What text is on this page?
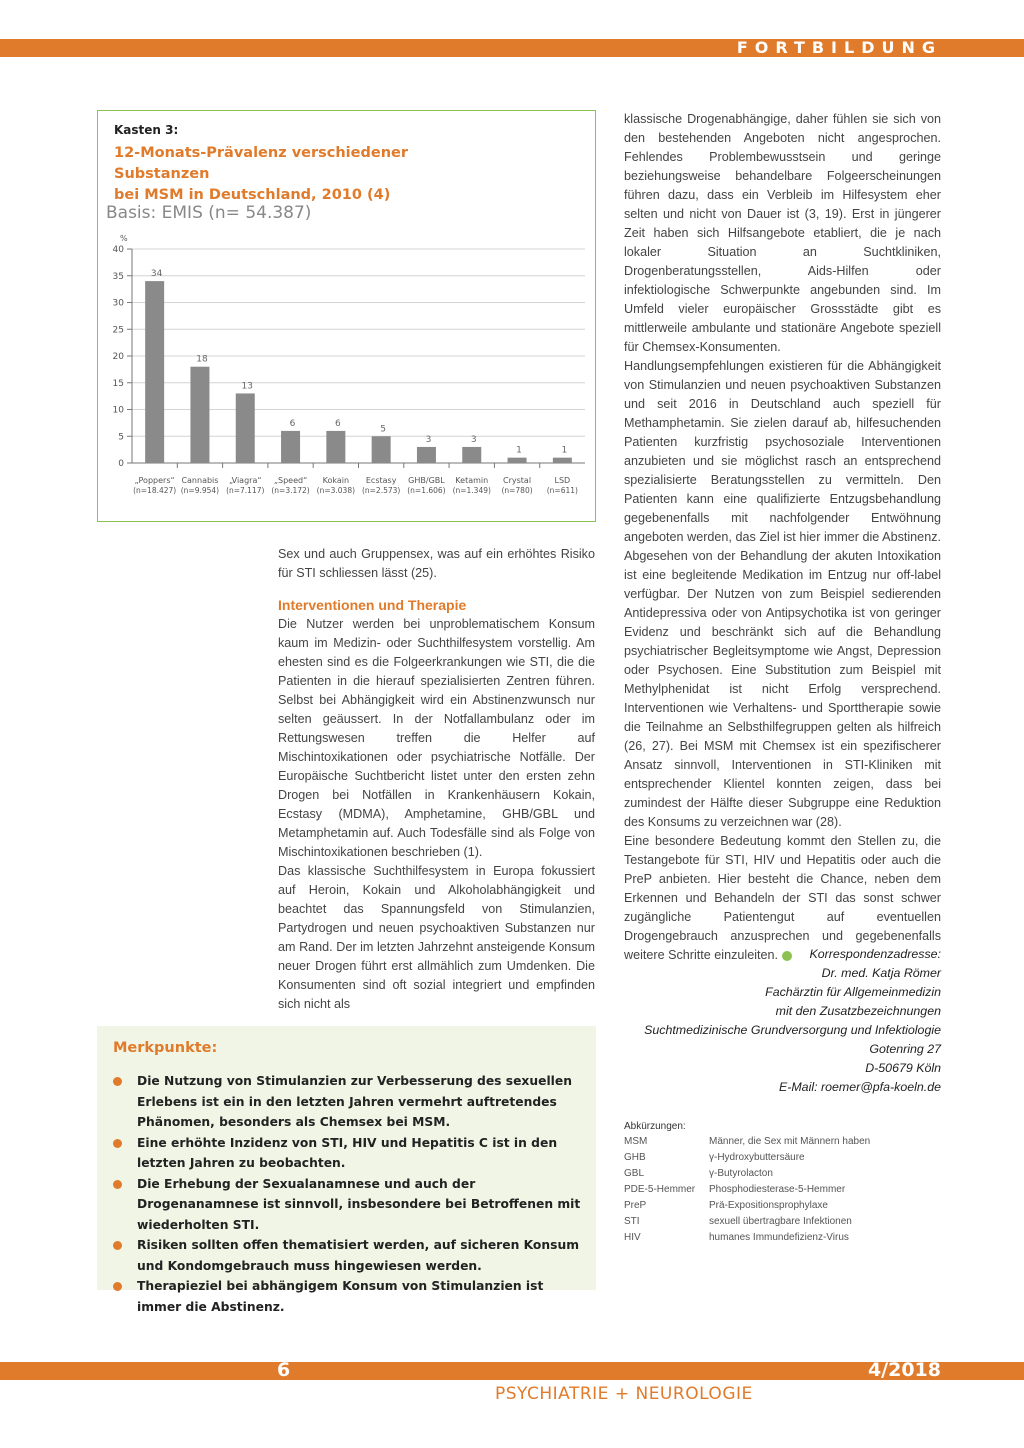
FORTBILDUNG
Kasten 3:
12-Monats-Prävalenz verschiedener Substanzen
bei MSM in Deutschland, 2010 (4)
Basis: EMIS (n= 54.387)
%
0
5
10
15
20
25
30
35
40
34
„Poppers“
(n=18.427)
18
Cannabis
(n=9.954)
13
„Viagra“
(n=7.117)
6
„Speed“
(n=3.172)
6
Kokain
(n=3.038)
5
Ecstasy
(n=2.573)
3
GHB/GBL
(n=1.606)
3
Ketamin
(n=1.349)
1
Crystal
(n=780)
1
LSD
(n=611)

Sex und auch Gruppensex, was auf ein erhöhtes Risiko für STI schliessen lässt (25).

Interventionen und Therapie

Die Nutzer werden bei unproblematischem Konsum kaum im Medizin- oder Suchthilfesystem vorstellig. Am ehesten sind es die Folgeerkrankungen wie STI, die die Patienten in die hierauf spezialisierten Zentren führen. Selbst bei Abhängigkeit wird ein Abstinenzwunsch nur selten geäussert. In der Notfallambulanz oder im Rettungswesen treffen die Helfer auf Mischintoxikationen oder psychiatrische Notfälle. Der Europäische Suchtbericht listet unter den ersten zehn Drogen bei Notfällen in Krankenhäusern Kokain, Ecstasy (MDMA), Amphetamine, GHB/GBL und Metamphetamin auf. Auch Todesfälle sind als Folge von Mischintoxikationen beschrieben (1).

Das klassische Suchthilfesystem in Europa fokussiert auf Heroin, Kokain und Alkoholabhängigkeit und beachtet das Spannungsfeld von Stimulanzien, Partydrogen und neuen psychoaktiven Substanzen nur am Rand. Der im letzten Jahrzehnt ansteigende Konsum neuer Drogen führt erst allmählich zum Umdenken. Die Konsumenten sind oft sozial integriert und empfinden sich nicht als

klassische Drogenabhängige, daher fühlen sie sich von den bestehenden Angeboten nicht angesprochen. Fehlendes Problembewusstsein und geringe beziehungsweise behandelbare Folgeerscheinungen führen dazu, dass ein Verbleib im Hilfesystem eher selten und nicht von Dauer ist (3, 19). Erst in jüngerer Zeit haben sich Hilfsangebote etabliert, die je nach lokaler Situation an Suchtkliniken, Drogenberatungsstellen, Aids-Hilfen oder infektiologische Schwerpunkte angebunden sind. Im Umfeld vieler europäischer Grossstädte gibt es mittlerweile ambulante und stationäre Angebote speziell für Chemsex-Konsumenten.

Handlungsempfehlungen existieren für die Abhängigkeit von Stimulanzien und neuen psychoaktiven Substanzen und seit 2016 in Deutschland auch speziell für Methamphetamin. Sie zielen darauf ab, hilfesuchenden Patienten kurzfristig psychosoziale Interventionen anzubieten und sie möglichst rasch an entsprechend spezialisierte Beratungsstellen zu vermitteln. Den Patienten kann eine qualifizierte Entzugsbehandlung gegebenenfalls mit nachfolgender Entwöhnung angeboten werden, das Ziel ist hier immer die Abstinenz. Abgesehen von der Behandlung der akuten Intoxikation ist eine begleitende Medikation im Entzug nur off-label verfügbar. Der Nutzen von zum Beispiel sedierenden Antidepressiva oder von Antipsychotika ist von geringer Evidenz und beschränkt sich auf die Behandlung psychiatrischer Begleitsymptome wie Angst, Depression oder Psychosen. Eine Substitution zum Beispiel mit Methylphenidat ist nicht Erfolg versprechend. Interventionen wie Verhaltens- und Sporttherapie sowie die Teilnahme an Selbsthilfegruppen gelten als hilfreich (26, 27). Bei MSM mit Chemsex ist ein spezifischerer Ansatz sinnvoll, Interventionen in STI-Kliniken mit entsprechender Klientel konnten zeigen, dass bei zumindest der Hälfte dieser Subgruppe eine Reduktion des Konsums zu verzeichnen war (28).

Eine besondere Bedeutung kommt den Stellen zu, die Testangebote für STI, HIV und Hepatitis oder auch die PreP anbieten. Hier besteht die Chance, neben dem Erkennen und Behandeln der STI das sonst schwer zugängliche Patientengut auf eventuellen Drogengebrauch anzusprechen und gegebenenfalls weitere Schritte einzuleiten.	Korrespondenzadresse:
Dr. med. Katja Römer
Fachärztin für Allgemeinmedizin
mit den Zusatzbezeichnungen
Suchtmedizinische Grundversorgung und Infektiologie
Gotenring 27
D-50679 Köln
E-Mail: roemer@pfa-koeln.de
Merkpunkte:
Die Nutzung von Stimulanzien zur Verbesserung des sexuellen Erlebens ist ein in den letzten Jahren vermehrt auftretendes Phänomen, besonders als Chemsex bei MSM.
Eine erhöhte Inzidenz von STI, HIV und Hepatitis C ist in den letzten Jahren zu beobachten.
Die Erhebung der Sexualanamnese und auch der Drogenanamnese ist sinnvoll, insbesondere bei Betroffenen mit wiederholten STI.
Risiken sollten offen thematisiert werden, auf sicheren Konsum und Kondomgebrauch muss hingewiesen werden.
Therapieziel bei abhängigem Konsum von Stimulanzien ist immer die Abstinenz.
Abkürzungen:
MSM	Männer, die Sex mit Männern haben
GHB	γ-Hydroxybuttersäure
GBL	γ-Butyrolacton
PDE-5-Hemmer	Phosphodiesterase-5-Hemmer
PreP	Prä-Expositionsprophylaxe
STI	sexuell übertragbare Infektionen
HIV	humanes Immundefizienz-Virus
6	4/2018
PSYCHIATRIE + NEUROLOGIE
